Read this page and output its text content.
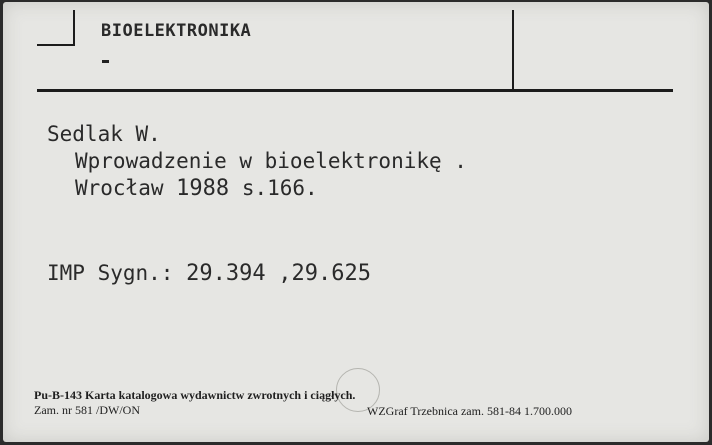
BIOELEKTRONIKA
Sedlak W.
Wprowadzenie w bioelektronikę .
Wrocław 1988 s.166.
IMP Sygn.: 29.394 ,29.625
Pu-B-143 Karta katalogowa wydawnictw zwrotnych i ciągłych.
Zam. nr 581 /DW/ON	WZGraf Trzebnica zam. 581-84 1.700.000
